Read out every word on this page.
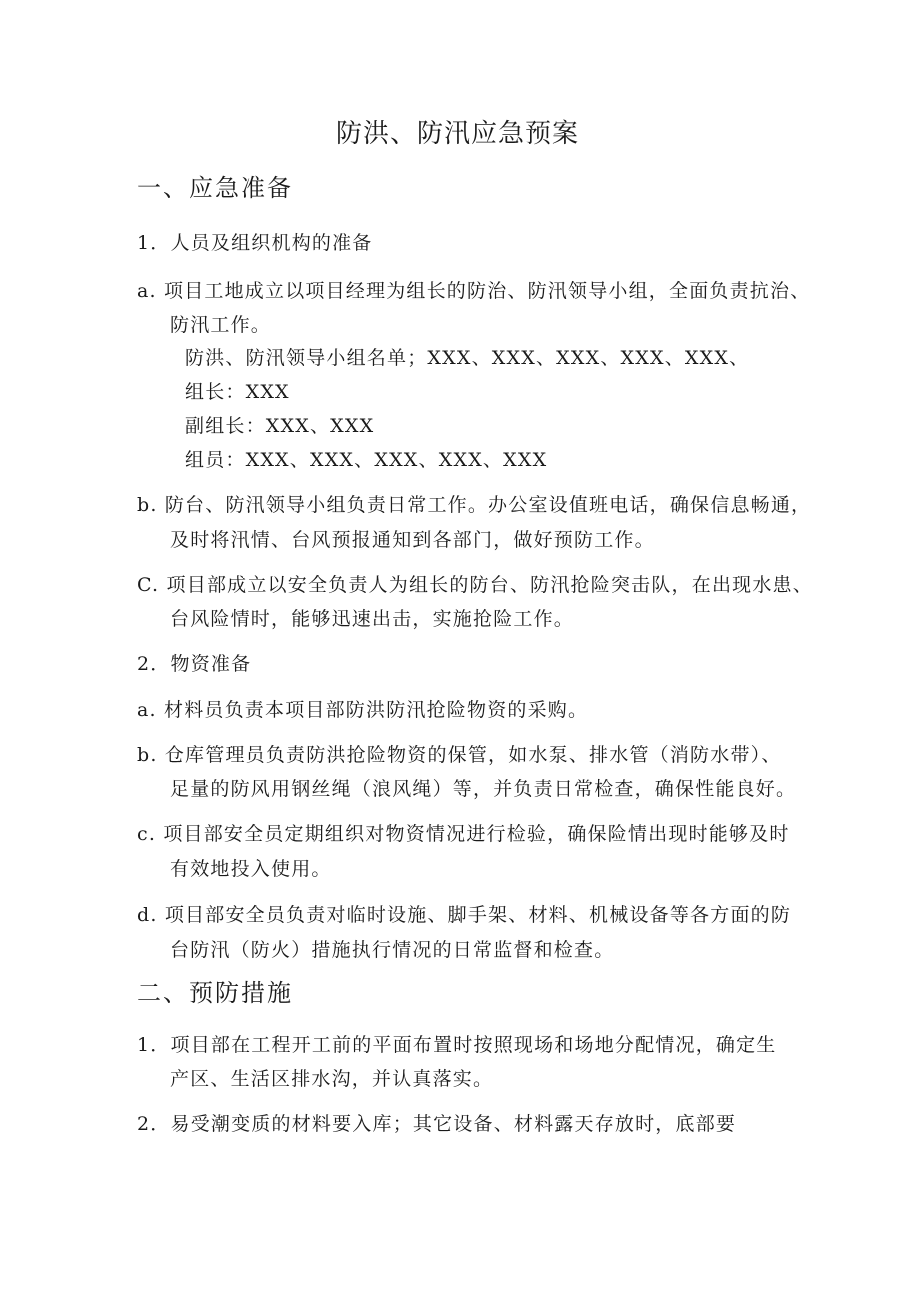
防洪、防汛应急预案
一、应急准备
1．人员及组织机构的准备
a. 项目工地成立以项目经理为组长的防治、防汛领导小组，全面负责抗治、
防汛工作。
防洪、防汛领导小组名单；XXX、XXX、XXX、XXX、XXX、
组长：XXX
副组长：XXX、XXX
组员：XXX、XXX、XXX、XXX、XXX
b. 防台、防汛领导小组负责日常工作。办公室设值班电话，确保信息畅通，
及时将汛情、台风预报通知到各部门，做好预防工作。
C. 项目部成立以安全负责人为组长的防台、防汛抢险突击队，在出现水患、
台风险情时，能够迅速出击，实施抢险工作。
2．物资准备
a. 材料员负责本项目部防洪防汛抢险物资的采购。
b. 仓库管理员负责防洪抢险物资的保管，如水泵、排水管（消防水带）、
足量的防风用钢丝绳（浪风绳）等，并负责日常检查，确保性能良好。
c. 项目部安全员定期组织对物资情况进行检验，确保险情出现时能够及时
有效地投入使用。
d. 项目部安全员负责对临时设施、脚手架、材料、机械设备等各方面的防
台防汛（防火）措施执行情况的日常监督和检查。
二、预防措施
1．项目部在工程开工前的平面布置时按照现场和场地分配情况，确定生
产区、生活区排水沟，并认真落实。
2．易受潮变质的材料要入库；其它设备、材料露天存放时，底部要
